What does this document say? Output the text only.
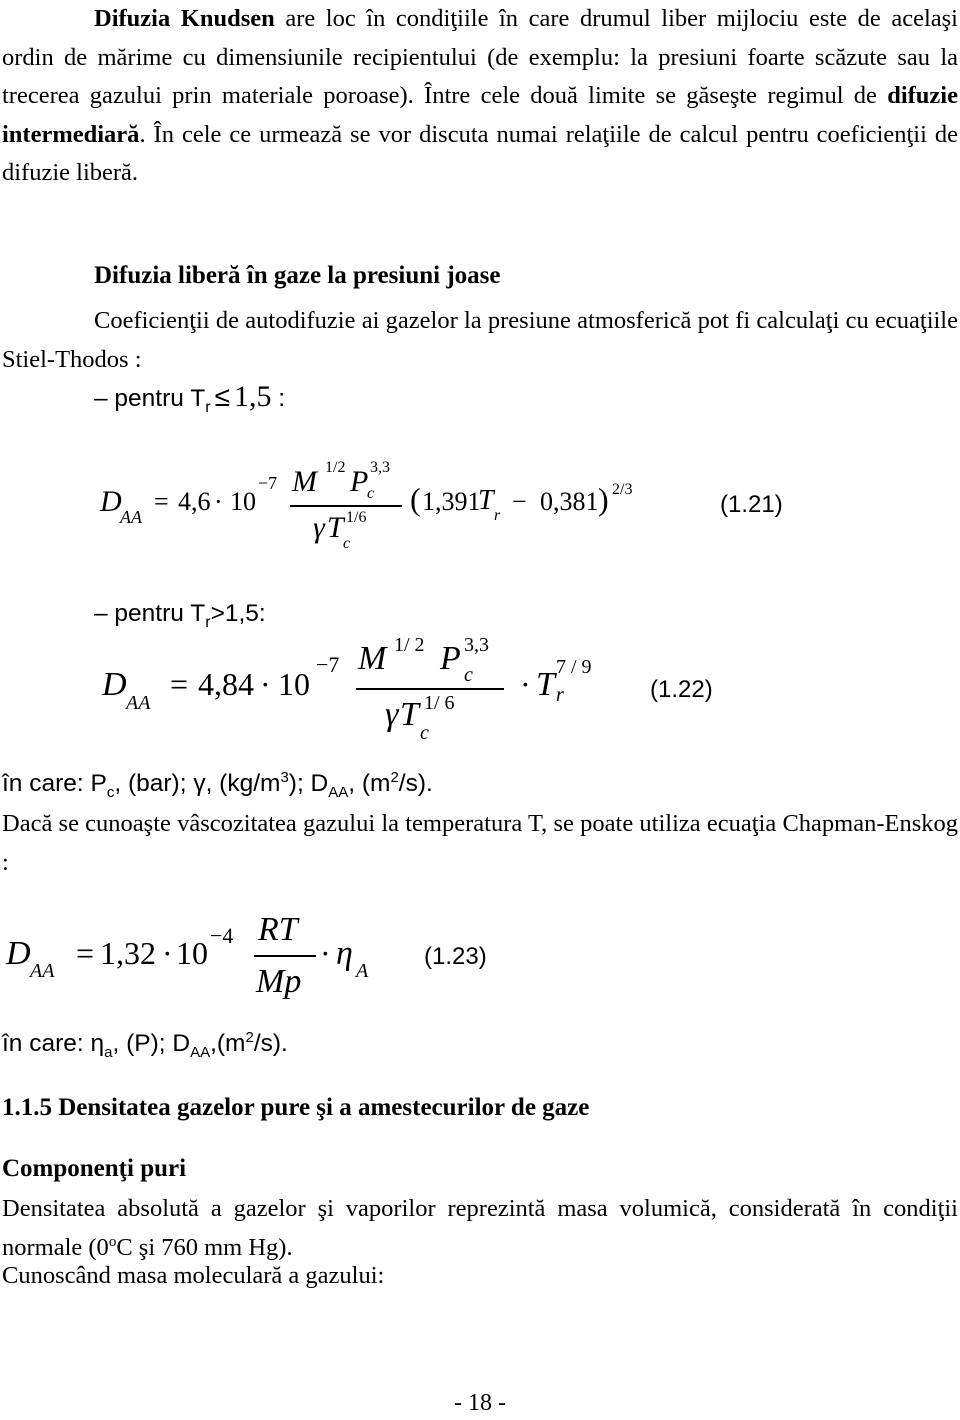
Difuzia Knudsen are loc în condiţiile în care drumul liber mijlociu este de acelaşi ordin de mărime cu dimensiunile recipientului (de exemplu: la presiuni foarte scăzute sau la trecerea gazului prin materiale poroase). Între cele două limite se găseşte regimul de difuzie intermediară. În cele ce urmează se vor discuta numai relaţiile de calcul pentru coeficienţii de difuzie liberă.

Difuzia liberă în gaze la presiuni joase

Coeficienţii de autodifuzie ai gazelor la presiune atmosferică pot fi calculaţi cu ecuaţiile Stiel-Thodos :

– pentru $T_r \le 1,5$ :
D
AA
= 4,6 · 10
−7 M 1/2 P 3,3
c
γ T 1/6
c
( 1,391
T r − 0,381 ) 2/3
(1.21)
– pentru $T_r>1,5$:
D AA
= 4,84 · 10
−7 M 1/ 2 P 3,3
c
γ T 1/ 6
c
· T 7 / 9
r	(1.22)
în care: $P_c$, (bar); γ, $(kg/m^3)$; $D_{AA}$, $(m^2/s)$.

Dacă se cunoaşte vâscozitatea gazului la temperatura T, se poate utiliza ecuaţia Chapman-Enskog :

D AA = 1,32 · 10 −4 RT
Mp
· η A
(1.23)
în care: $\eta_a$, (P); $D_{AA},(m^2/s)$.
1.1.5 Densitatea gazelor pure şi a amestecurilor de gaze
Componenţi puri

Densitatea absolută a gazelor şi vaporilor reprezintă masa volumică, considerată în condiţii normale (0$^o$C şi 760 mm Hg).

Cunoscând masa moleculară a gazului:
- 18 -
